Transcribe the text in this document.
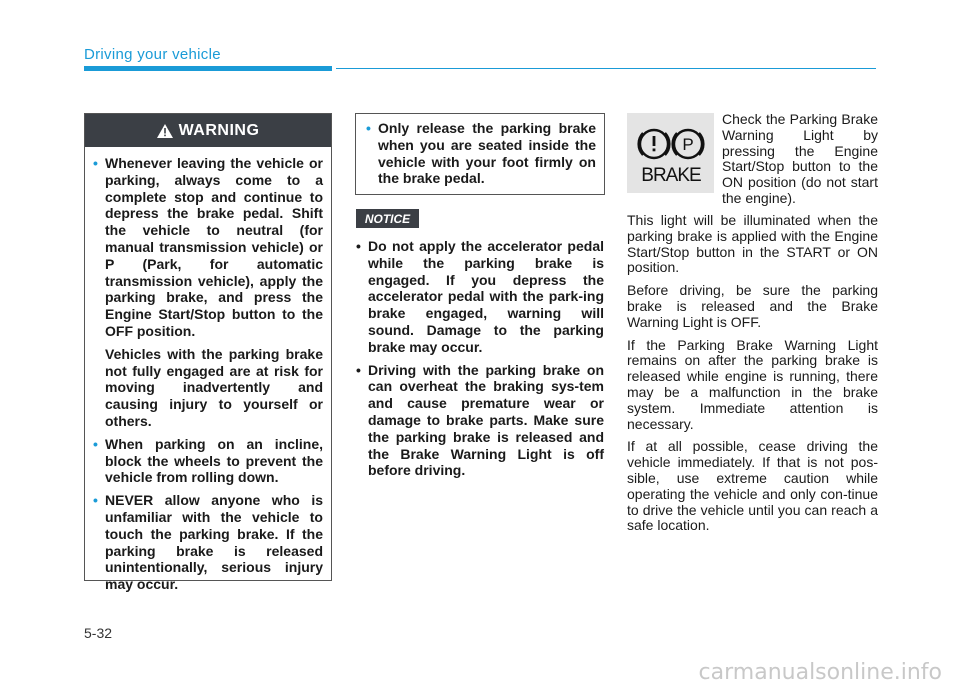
Driving your vehicle
WARNING
• Whenever leaving the vehicle or parking, always come to a complete stop and continue to depress the brake pedal. Shift the vehicle to neutral (for manual transmission vehicle) or P (Park, for automatic transmission vehicle), apply the parking brake, and press the Engine Start/Stop button to the OFF position.
Vehicles with the parking brake not fully engaged are at risk for moving inadvertently and causing injury to yourself or others.
• When parking on an incline, block the wheels to prevent the vehicle from rolling down.
• NEVER allow anyone who is unfamiliar with the vehicle to touch the parking brake. If the parking brake is released unintentionally, serious injury may occur.
• Only release the parking brake when you are seated inside the vehicle with your foot firmly on the brake pedal.
NOTICE
• Do not apply the accelerator pedal while the parking brake is engaged. If you depress the accelerator pedal with the park-ing brake engaged, warning will sound. Damage to the parking brake may occur.
• Driving with the parking brake on can overheat the braking sys-tem and cause premature wear or damage to brake parts. Make sure the parking brake is released and the Brake Warning Light is off before driving.
P
BRAKE

Check the Parking Brake Warning Light by pressing the Engine Start/Stop button to the ON position (do not start the engine).

This light will be illuminated when the parking brake is applied with the Engine Start/Stop button in the START or ON position.

Before driving, be sure the parking brake is released and the Brake Warning Light is OFF.

If the Parking Brake Warning Light remains on after the parking brake is released while engine is running, there may be a malfunction in the brake system. Immediate attention is necessary.

If at all possible, cease driving the vehicle immediately. If that is not pos-sible, use extreme caution while operating the vehicle and only con-tinue to drive the vehicle until you can reach a safe location.

5-32
carmanualsonline.info
